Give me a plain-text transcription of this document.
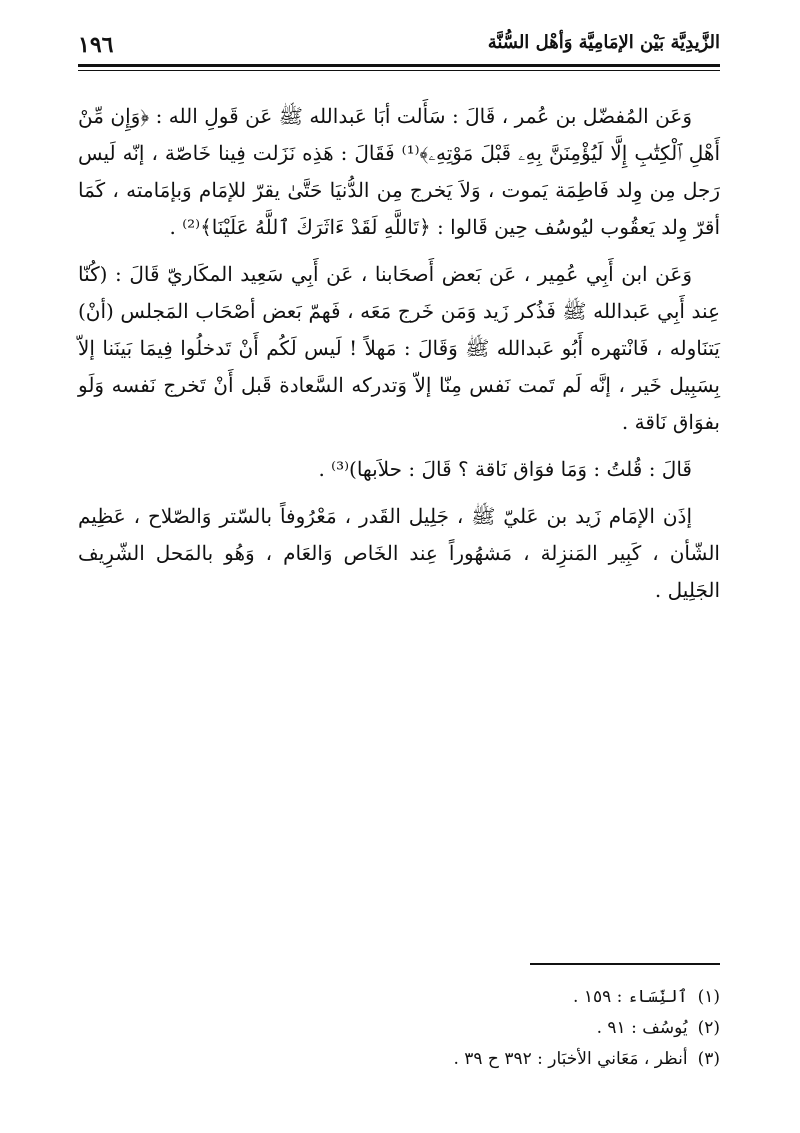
الزَّيدِيَّة بَيْن الإمَامِيَّة وَأهْل السُّنَّة
١٩٦

وَعَن المُفضّل بن عُمر ، قَالَ : سَأَلت أبَا عَبدالله ﷺ عَن قَولِ الله : ﴿وَإِن مِّنْ أَهْلِ ٱلْكِتَٰبِ إِلَّا لَيُؤْمِنَنَّ بِهِۦ قَبْلَ مَوْتِهِۦ﴾⁽¹⁾ فَقَالَ : هَذِه نَزَلت فِينا خَاصّة ، إنّه لَيس رَجل مِن وِلد فَاطِمَة يَموت ، وَلاَ يَخرج مِن الدُّنيَا حَتَّىٰ يقرّ للإمَام وَبإمَامته ، كَمَا أقرّ وِلد يَعقُوب ليُوسُف حِين قَالوا : ﴿تَاللَّهِ لَقَدْ ءَاثَرَكَ ٱللَّهُ عَلَيْنَا﴾⁽²⁾ .

وَعَن ابن أَبِي عُمِير ، عَن بَعض أَصحَابنا ، عَن أَبِي سَعِيد المكَاريّ قَالَ : (كُنّا عِند أَبِي عَبدالله ﷺ فَذُكر زَيد وَمَن خَرج مَعَه ، فَهمّ بَعض أصْحَاب المَجلس (أنْ) يَتنَاوله ، فَانْتهره أَبُو عَبدالله ﷺ وَقَالَ : مَهلاً ! لَيس لَكُم أَنْ تَدخلُوا فِيمَا بَينَنا إلاّ بِسَبِيل خَير ، إنَّه لَم تَمت نَفس مِنّا إلاّ وَتدركه السَّعادة قَبل أَنْ تَخرج نَفسه وَلَو بفوَاق نَاقة .

قَالَ : قُلتُ : وَمَا فوَاق نَاقة ؟ قَالَ : حلاَبها)⁽³⁾ .

إذَن الإمَام زَيد بن عَليّ ﷺ ، جَلِيل القَدر ، مَعْرُوفاً بالسّتر وَالصّلاح ، عَظِيم الشّأن ، كَبِير المَنزِلة ، مَشهُوراً عِند الخَاص وَالعَام ، وَهُو بالمَحل الشّرِيف الجَلِيل .

(١)ٱلنِّسَاء : ١٥٩ .

(٢)يُوسُف : ٩١ .

(٣)أنظر ، مَعَاني الأخبَار : ٣٩٢ ح ٣٩ .
